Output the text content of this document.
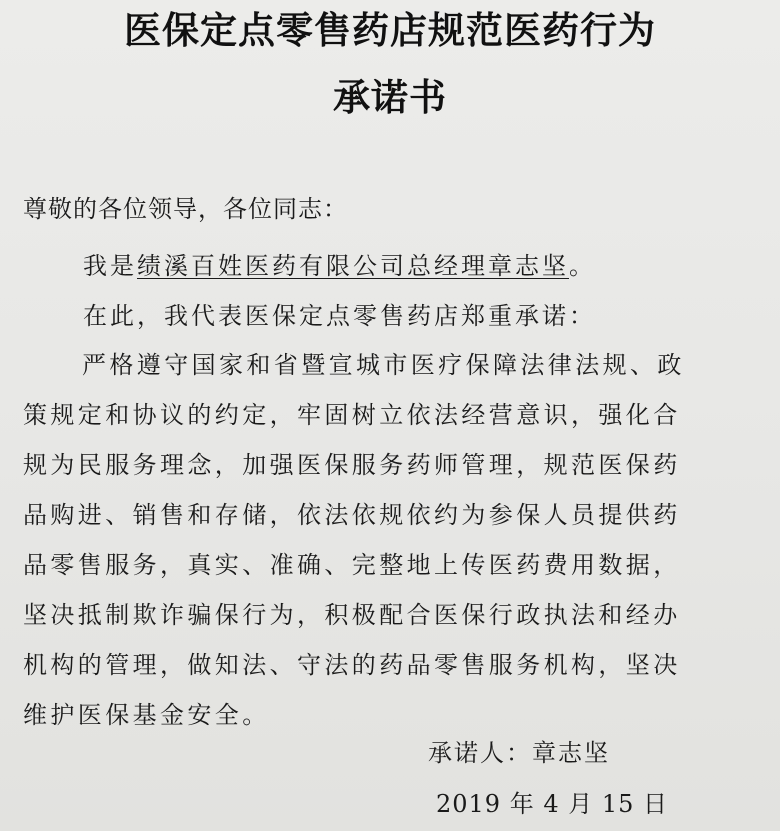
医保定点零售药店规范医药行为
承诺书
尊敬的各位领导，各位同志：
我是绩溪百姓医药有限公司总经理章志坚。
在此，我代表医保定点零售药店郑重承诺：
严格遵守国家和省暨宣城市医疗保障法律法规、政
策规定和协议的约定，牢固树立依法经营意识，强化合
规为民服务理念，加强医保服务药师管理，规范医保药
品购进、销售和存储，依法依规依约为参保人员提供药
品零售服务，真实、准确、完整地上传医药费用数据，
坚决抵制欺诈骗保行为，积极配合医保行政执法和经办
机构的管理，做知法、守法的药品零售服务机构，坚决
维护医保基金安全。
承诺人：章志坚
2019 年 4 月 15 日
